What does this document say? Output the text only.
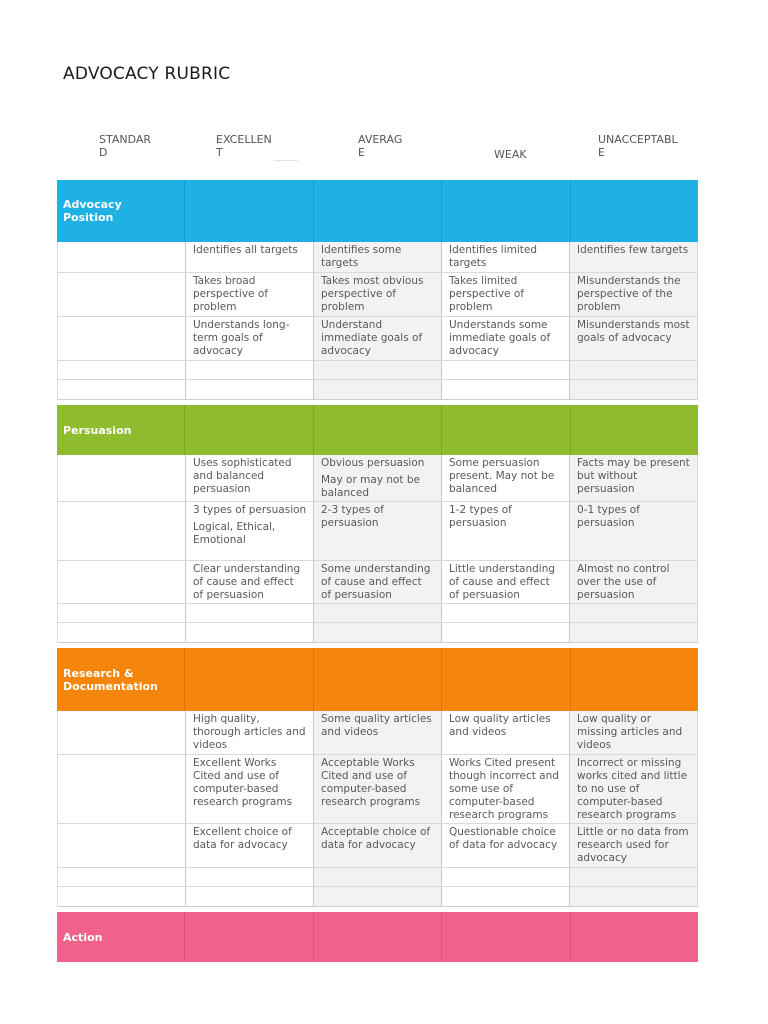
ADVOCACY RUBRIC
STANDAR
D
EXCELLEN
T
AVERAG
E	WEAK
UNACCEPTABL
E
Advocacy
Position
Identifies all targets	Identifies some targets
Identifies limited targets
Identifies few targets
Takes broad perspective of problem
Takes most obvious perspective of problem
Takes limited perspective of problem
Misunderstands the perspective of the problem
Understands long-term goals of advocacy
Understand immediate goals of advocacy
Understands some immediate goals of advocacy
Misunderstands most goals of advocacy
Persuasion
Uses sophisticated and balanced persuasion
Obvious persuasion
May or may not be balanced
Some persuasion present. May not be balanced
Facts may be present but without persuasion
3 types of persuasion
Logical, Ethical, Emotional
2-3 types of persuasion
1-2 types of persuasion
0-1 types of persuasion
Clear understanding of cause and effect of persuasion
Some understanding of cause and effect of persuasion
Little understanding of cause and effect of persuasion
Almost no control over the use of persuasion
Research &
Documentation
High quality, thorough articles and videos
Some quality articles and videos
Low quality articles and videos
Low quality or missing articles and videos
Excellent Works Cited and use of computer-based research programs
Acceptable Works Cited and use of computer-based research programs
Works Cited present though incorrect and some use of computer-based research programs
Incorrect or missing works cited and little to no use of computer-based research programs
Excellent choice of data for advocacy
Acceptable choice of data for advocacy
Questionable choice of data for advocacy
Little or no data from research used for advocacy
Action
